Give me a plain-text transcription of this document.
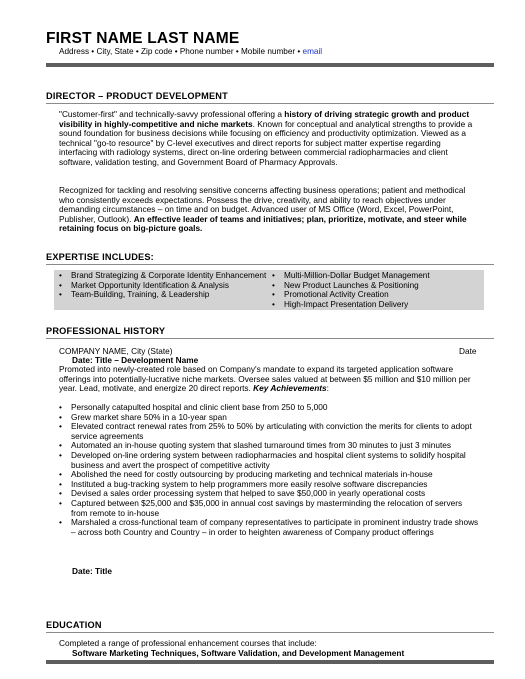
FIRST NAME LAST NAME
Address • City, State • Zip code • Phone number • Mobile number • email
DIRECTOR – PRODUCT DEVELOPMENT
"Customer-first" and technically-savvy professional offering a history of driving strategic growth and product visibility in highly-competitive and niche markets. Known for conceptual and analytical strengths to provide a sound foundation for business decisions while focusing on efficiency and productivity optimization. Viewed as a technical "go-to resource" by C-level executives and direct reports for subject matter expertise regarding interfacing with radiology systems, direct on-line ordering between commercial radiopharmacies and client software, validation testing, and Government Board of Pharmacy Approvals.
Recognized for tackling and resolving sensitive concerns affecting business operations; patient and methodical who consistently exceeds expectations. Possess the drive, creativity, and ability to reach objectives under demanding circumstances – on time and on budget. Advanced user of MS Office (Word, Excel, PowerPoint, Publisher, Outlook). An effective leader of teams and initiatives; plan, prioritize, motivate, and steer while retaining focus on big-picture goals.
EXPERTISE INCLUDES:
• Brand Strategizing & Corporate Identity Enhancement
• Market Opportunity Identification & Analysis
• Team-Building, Training, & Leadership
• Multi-Million-Dollar Budget Management
• New Product Launches & Positioning
• Promotional Activity Creation
• High-Impact Presentation Delivery
PROFESSIONAL HISTORY
COMPANY NAME, City (State)	Date
Date: Title – Development Name
Promoted into newly-created role based on Company's mandate to expand its targeted application software offerings into potentially-lucrative niche markets. Oversee sales valued at between $5 million and $10 million per year. Lead, motivate, and energize 20 direct reports. Key Achievements:
• Personally catapulted hospital and clinic client base from 250 to 5,000
• Grew market share 50% in a 10-year span
• Elevated contract renewal rates from 25% to 50% by articulating with conviction the merits for clients to adopt service agreements
• Automated an in-house quoting system that slashed turnaround times from 30 minutes to just 3 minutes
• Developed on-line ordering system between radiopharmacies and hospital client systems to solidify hospital business and avert the prospect of competitive activity
• Abolished the need for costly outsourcing by producing marketing and technical materials in-house
• Instituted a bug-tracking system to help programmers more easily resolve software discrepancies
• Devised a sales order processing system that helped to save $50,000 in yearly operational costs
• Captured between $25,000 and $35,000 in annual cost savings by masterminding the relocation of servers from remote to in-house
• Marshaled a cross-functional team of company representatives to participate in prominent industry trade shows – across both Country and Country – in order to heighten awareness of Company product offerings
Date: Title
EDUCATION
Completed a range of professional enhancement courses that include:
Software Marketing Techniques, Software Validation, and Development Management
